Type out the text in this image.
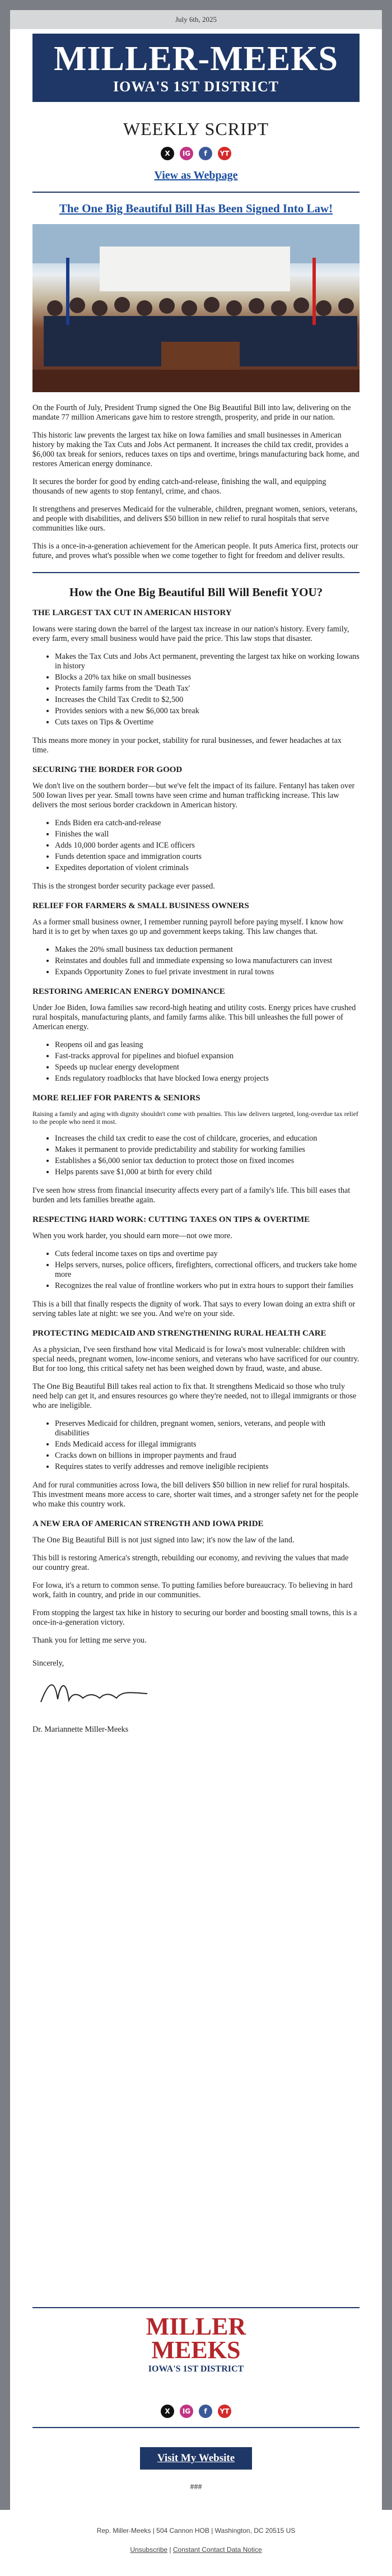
July 6th, 2025
MILLER-MEEKS
IOWA'S 1ST DISTRICT
WEEKLY SCRIPT
X IG f YT
View as Webpage
The One Big Beautiful Bill Has Been Signed Into Law!

On the Fourth of July, President Trump signed the One Big Beautiful Bill into law, delivering on the mandate 77 million Americans gave him to restore strength, prosperity, and pride in our nation.

This historic law prevents the largest tax hike on Iowa families and small businesses in American history by making the Tax Cuts and Jobs Act permanent. It increases the child tax credit, provides a $6,000 tax break for seniors, reduces taxes on tips and overtime, brings manufacturing back home, and restores American energy dominance.

It secures the border for good by ending catch-and-release, finishing the wall, and equipping thousands of new agents to stop fentanyl, crime, and chaos.

It strengthens and preserves Medicaid for the vulnerable, children, pregnant women, seniors, veterans, and people with disabilities, and delivers $50 billion in new relief to rural hospitals that serve communities like ours.

This is a once-in-a-generation achievement for the American people. It puts America first, protects our future, and proves what's possible when we come together to fight for freedom and deliver results.

How the One Big Beautiful Bill Will Benefit YOU?
THE LARGEST TAX CUT IN AMERICAN HISTORY

Iowans were staring down the barrel of the largest tax increase in our nation's history. Every family, every farm, every small business would have paid the price. This law stops that disaster.

• Makes the Tax Cuts and Jobs Act permanent, preventing the largest tax hike on working Iowans in history
• Blocks a 20% tax hike on small businesses
• Protects family farms from the 'Death Tax'
• Increases the Child Tax Credit to $2,500
• Provides seniors with a new $6,000 tax break
• Cuts taxes on Tips & Overtime

This means more money in your pocket, stability for rural businesses, and fewer headaches at tax time.

SECURING THE BORDER FOR GOOD

We don't live on the southern border—but we've felt the impact of its failure. Fentanyl has taken over 500 Iowan lives per year. Small towns have seen crime and human trafficking increase. This law delivers the most serious border crackdown in American history.

• Ends Biden era catch-and-release
• Finishes the wall
• Adds 10,000 border agents and ICE officers
• Funds detention space and immigration courts
• Expedites deportation of violent criminals

This is the strongest border security package ever passed.

RELIEF FOR FARMERS & SMALL BUSINESS OWNERS

As a former small business owner, I remember running payroll before paying myself. I know how hard it is to get by when taxes go up and government keeps taking. This law changes that.

• Makes the 20% small business tax deduction permanent
• Reinstates and doubles full and immediate expensing so Iowa manufacturers can invest
• Expands Opportunity Zones to fuel private investment in rural towns
RESTORING AMERICAN ENERGY DOMINANCE

Under Joe Biden, Iowa families saw record-high heating and utility costs. Energy prices have crushed rural hospitals, manufacturing plants, and family farms alike. This bill unleashes the full power of American energy.

• Reopens oil and gas leasing
• Fast-tracks approval for pipelines and biofuel expansion
• Speeds up nuclear energy development
• Ends regulatory roadblocks that have blocked Iowa energy projects
MORE RELIEF FOR PARENTS & SENIORS

Raising a family and aging with dignity shouldn't come with penalties. This law delivers targeted, long-overdue tax relief to the people who need it most.

• Increases the child tax credit to ease the cost of childcare, groceries, and education
• Makes it permanent to provide predictability and stability for working families
• Establishes a $6,000 senior tax deduction to protect those on fixed incomes
• Helps parents save $1,000 at birth for every child

I've seen how stress from financial insecurity affects every part of a family's life. This bill eases that burden and lets families breathe again.

RESPECTING HARD WORK: CUTTING TAXES ON TIPS & OVERTIME

When you work harder, you should earn more—not owe more.

• Cuts federal income taxes on tips and overtime pay
• Helps servers, nurses, police officers, firefighters, correctional officers, and truckers take home more
• Recognizes the real value of frontline workers who put in extra hours to support their families

This is a bill that finally respects the dignity of work. That says to every Iowan doing an extra shift or serving tables late at night: we see you. And we're on your side.

PROTECTING MEDICAID AND STRENGTHENING RURAL HEALTH CARE

As a physician, I've seen firsthand how vital Medicaid is for Iowa's most vulnerable: children with special needs, pregnant women, low-income seniors, and veterans who have sacrificed for our country. But for too long, this critical safety net has been weighed down by fraud, waste, and abuse.

The One Big Beautiful Bill takes real action to fix that. It strengthens Medicaid so those who truly need help can get it, and ensures resources go where they're needed, not to illegal immigrants or those who are ineligible.

• Preserves Medicaid for children, pregnant women, seniors, veterans, and people with disabilities
• Ends Medicaid access for illegal immigrants
• Cracks down on billions in improper payments and fraud
• Requires states to verify addresses and remove ineligible recipients

And for rural communities across Iowa, the bill delivers $50 billion in new relief for rural hospitals. This investment means more access to care, shorter wait times, and a stronger safety net for the people who make this country work.

A NEW ERA OF AMERICAN STRENGTH AND IOWA PRIDE

The One Big Beautiful Bill is not just signed into law; it's now the law of the land.

This bill is restoring America's strength, rebuilding our economy, and reviving the values that made our country great.

For Iowa, it's a return to common sense. To putting families before bureaucracy. To believing in hard work, faith in country, and pride in our communities.

From stopping the largest tax hike in history to securing our border and boosting small towns, this is a once-in-a-generation victory.

Thank you for letting me serve you.

Sincerely,

Dr. Mariannette Miller-Meeks

MILLER MEEKS
IOWA'S 1ST DISTRICT
X IG f YT
Visit My Website
###
Rep. Miller-Meeks | 504 Cannon HOB | Washington, DC 20515 US
Unsubscribe | Constant Contact Data Notice
